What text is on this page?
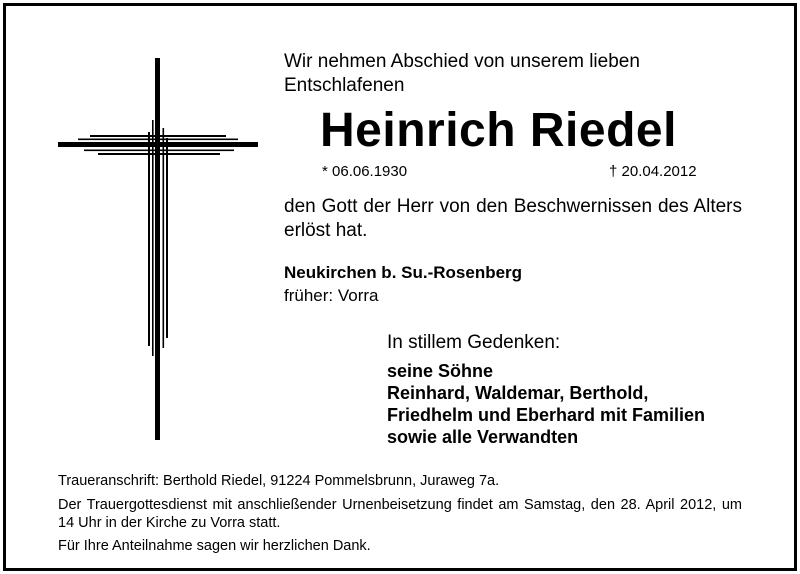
Wir nehmen Abschied von unserem lieben Entschlafenen

Heinrich Riedel

* 06.06.1930	† 20.04.2012

den Gott der Herr von den Beschwernissen des Alters erlöst hat.

Neukirchen b. Su.-Rosenberg

früher: Vorra

In stillem Gedenken:

seine Söhne
Reinhard, Waldemar, Berthold,
Friedhelm und Eberhard mit Familien
sowie alle Verwandten

Traueranschrift: Berthold Riedel, 91224 Pommelsbrunn, Juraweg 7a.

Der Trauergottesdienst mit anschließender Urnenbeisetzung findet am Samstag, den 28. April 2012, um 14 Uhr in der Kirche zu Vorra statt.

Für Ihre Anteilnahme sagen wir herzlichen Dank.
